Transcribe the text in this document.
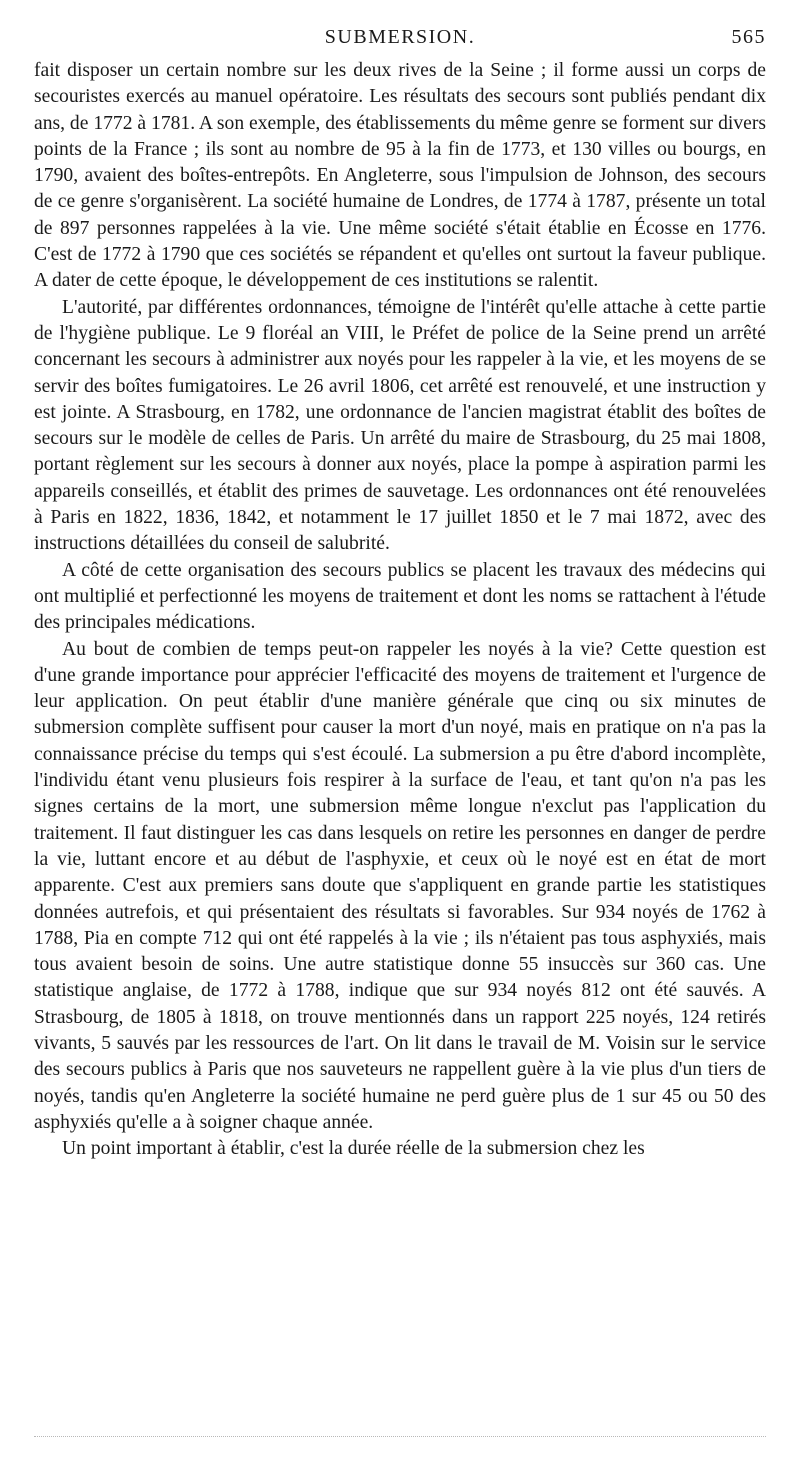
SUBMERSION.	565

fait disposer un certain nombre sur les deux rives de la Seine ; il forme aussi un corps de secouristes exercés au manuel opératoire. Les résultats des secours sont publiés pendant dix ans, de 1772 à 1781. A son exemple, des établissements du même genre se forment sur divers points de la France ; ils sont au nombre de 95 à la fin de 1773, et 130 villes ou bourgs, en 1790, avaient des boîtes-entrepôts. En Angleterre, sous l'impulsion de Johnson, des secours de ce genre s'organisèrent. La société humaine de Londres, de 1774 à 1787, présente un total de 897 personnes rappelées à la vie. Une même société s'était établie en Écosse en 1776. C'est de 1772 à 1790 que ces sociétés se répandent et qu'elles ont surtout la faveur publique. A dater de cette époque, le développement de ces institutions se ralentit.

L'autorité, par différentes ordonnances, témoigne de l'intérêt qu'elle attache à cette partie de l'hygiène publique. Le 9 floréal an VIII, le Préfet de police de la Seine prend un arrêté concernant les secours à administrer aux noyés pour les rappeler à la vie, et les moyens de se servir des boîtes fumigatoires. Le 26 avril 1806, cet arrêté est renouvelé, et une instruction y est jointe. A Strasbourg, en 1782, une ordonnance de l'ancien magistrat établit des boîtes de secours sur le modèle de celles de Paris. Un arrêté du maire de Strasbourg, du 25 mai 1808, portant règlement sur les secours à donner aux noyés, place la pompe à aspiration parmi les appareils conseillés, et établit des primes de sauvetage. Les ordonnances ont été renouvelées à Paris en 1822, 1836, 1842, et notamment le 17 juillet 1850 et le 7 mai 1872, avec des instructions détaillées du conseil de salubrité.

A côté de cette organisation des secours publics se placent les travaux des médecins qui ont multiplié et perfectionné les moyens de traitement et dont les noms se rattachent à l'étude des principales médications.

Au bout de combien de temps peut-on rappeler les noyés à la vie? Cette question est d'une grande importance pour apprécier l'efficacité des moyens de traitement et l'urgence de leur application. On peut établir d'une manière générale que cinq ou six minutes de submersion complète suffisent pour causer la mort d'un noyé, mais en pratique on n'a pas la connaissance précise du temps qui s'est écoulé. La submersion a pu être d'abord incomplète, l'individu étant venu plusieurs fois respirer à la surface de l'eau, et tant qu'on n'a pas les signes certains de la mort, une submersion même longue n'exclut pas l'application du traitement. Il faut distinguer les cas dans lesquels on retire les personnes en danger de perdre la vie, luttant encore et au début de l'asphyxie, et ceux où le noyé est en état de mort apparente. C'est aux premiers sans doute que s'appliquent en grande partie les statistiques données autrefois, et qui présentaient des résultats si favorables. Sur 934 noyés de 1762 à 1788, Pia en compte 712 qui ont été rappelés à la vie ; ils n'étaient pas tous asphyxiés, mais tous avaient besoin de soins. Une autre statistique donne 55 insuccès sur 360 cas. Une statistique anglaise, de 1772 à 1788, indique que sur 934 noyés 812 ont été sauvés. A Strasbourg, de 1805 à 1818, on trouve mentionnés dans un rapport 225 noyés, 124 retirés vivants, 5 sauvés par les ressources de l'art. On lit dans le travail de M. Voisin sur le service des secours publics à Paris que nos sauveteurs ne rappellent guère à la vie plus d'un tiers de noyés, tandis qu'en Angleterre la société humaine ne perd guère plus de 1 sur 45 ou 50 des asphyxiés qu'elle a à soigner chaque année.

Un point important à établir, c'est la durée réelle de la submersion chez les
